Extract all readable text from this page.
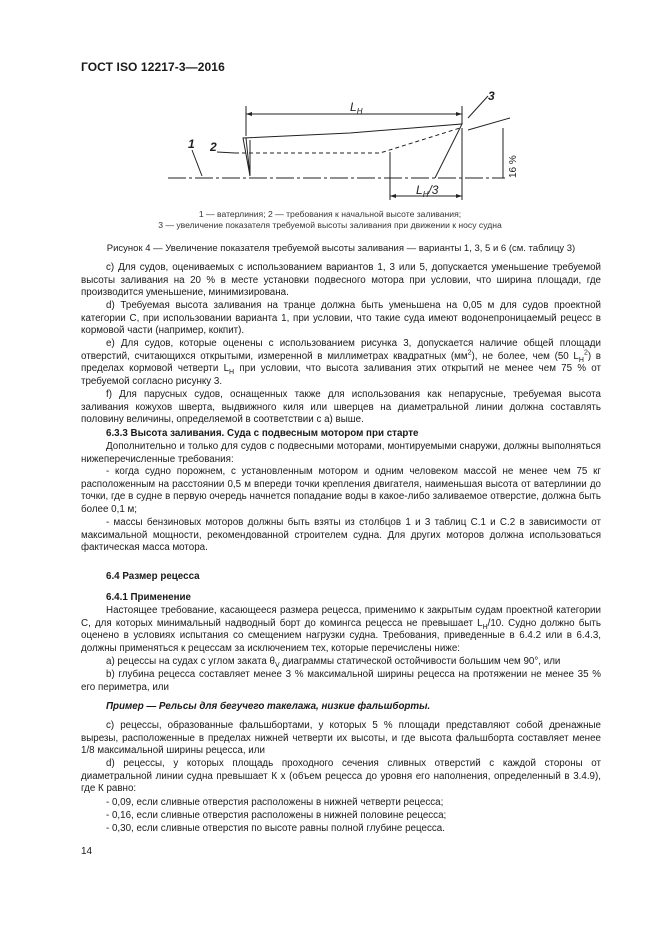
ГОСТ ISO 12217-3—2016
$L_H$
$L_H/3$
1 2
3
16 %
1 — ватерлиния; 2 — требования к начальной высоте заливания;
3 — увеличение показателя требуемой высоты заливания при движении к носу судна
Рисунок 4 — Увеличение показателя требуемой высоты заливания — варианты 1, 3, 5 и 6 (см. таблицу 3)
c) Для судов, оцениваемых с использованием вариантов 1, 3 или 5, допускается уменьшение требуемой высоты заливания на 20 % в месте установки подвесного мотора при условии, что ширина площади, где производится уменьшение, минимизирована.
d) Требуемая высота заливания на транце должна быть уменьшена на 0,05 м для судов проектной категории С, при использовании варианта 1, при условии, что такие суда имеют водонепроницаемый рецесс в кормовой части (например, кокпит).
e) Для судов, которые оценены с использованием рисунка 3, допускается наличие общей площади отверстий, считающихся открытыми, измеренной в миллиметрах квадратных $(мм^2)$, не более, чем (50 $L_H^2$) в пределах кормовой четверти $L_H$ при условии, что высота заливания этих открытий не менее чем 75 % от требуемой согласно рисунку 3.
f) Для парусных судов, оснащенных также для использования как непарусные, требуемая высота заливания кожухов шверта, выдвижного киля или шверцев на диаметральной линии должна составлять половину величины, определяемой в соответствии с а) выше.
6.3.3 Высота заливания. Суда с подвесным мотором при старте
Дополнительно и только для судов с подвесными моторами, монтируемыми снаружи, должны выполняться нижеперечисленные требования:
- когда судно порожнем, с установленным мотором и одним человеком массой не менее чем 75 кг расположенным на расстоянии 0,5 м впереди точки крепления двигателя, наименьшая высота от ватерлинии до точки, где в судне в первую очередь начнется попадание воды в какое-либо заливаемое отверстие, должна быть более 0,1 м;
- массы бензиновых моторов должны быть взяты из столбцов 1 и 3 таблиц С.1 и С.2 в зависимости от максимальной мощности, рекомендованной строителем судна. Для других моторов должна использоваться фактическая масса мотора.
6.4 Размер рецесса
6.4.1 Применение
Настоящее требование, касающееся размера рецесса, применимо к закрытым судам проектной категории С, для которых минимальный надводный борт до комингса рецесса не превышает $L_H/10$. Судно должно быть оценено в условиях испытания со смещением нагрузки судна. Требования, приведенные в 6.4.2 или в 6.4.3, должны применяться к рецессам за исключением тех, которые перечислены ниже:
a) рецессы на судах с углом заката $\theta_V$ диаграммы статической остойчивости большим чем 90°, или
b) глубина рецесса составляет менее 3 % максимальной ширины рецесса на протяжении не менее 35 % его периметра, или
Пример — Рельсы для бегучего такелажа, низкие фальшборты.
c) рецессы, образованные фальшбортами, у которых 5 % площади представляют собой дренажные вырезы, расположенные в пределах нижней четверти их высоты, и где высота фальшборта составляет менее 1/8 максимальной ширины рецесса, или
d) рецессы, у которых площадь проходного сечения сливных отверстий с каждой стороны от диаметральной линии судна превышает К х (объем рецесса до уровня его наполнения, определенный в 3.4.9), где К равно:
- 0,09, если сливные отверстия расположены в нижней четверти рецесса;
- 0,16, если сливные отверстия расположены в нижней половине рецесса;
- 0,30, если сливные отверстия по высоте равны полной глубине рецесса.
14
